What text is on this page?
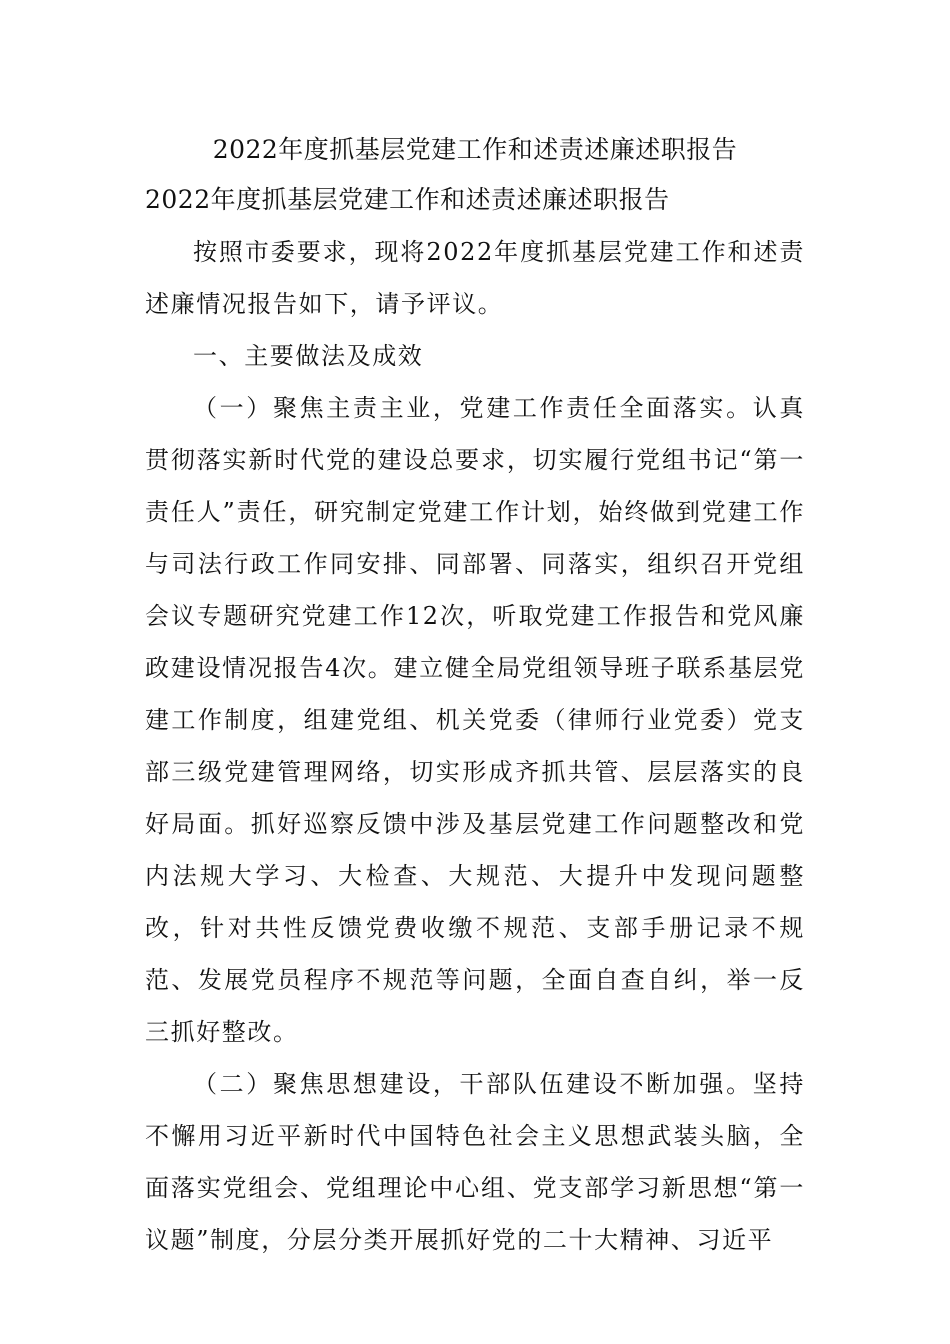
2022年度抓基层党建工作和述责述廉述职报告
2022年度抓基层党建工作和述责述廉述职报告

按照市委要求，现将2022年度抓基层党建工作和述责述廉情况报告如下，请予评议。

一、主要做法及成效

（一）聚焦主责主业，党建工作责任全面落实。认真贯彻落实新时代党的建设总要求，切实履行党组书记“第一责任人”责任，研究制定党建工作计划，始终做到党建工作与司法行政工作同安排、同部署、同落实，组织召开党组会议专题研究党建工作12次，听取党建工作报告和党风廉政建设情况报告4次。建立健全局党组领导班子联系基层党建工作制度，组建党组、机关党委（律师行业党委）党支部三级党建管理网络，切实形成齐抓共管、层层落实的良好局面。抓好巡察反馈中涉及基层党建工作问题整改和党内法规大学习、大检查、大规范、大提升中发现问题整改，针对共性反馈党费收缴不规范、支部手册记录不规范、发展党员程序不规范等问题，全面自查自纠，举一反三抓好整改。

（二）聚焦思想建设，干部队伍建设不断加强。坚持不懈用习近平新时代中国特色社会主义思想武装头脑，全面落实党组会、党组理论中心组、党支部学习新思想“第一议题”制度，分层分类开展抓好党的二十大精神、习近平
